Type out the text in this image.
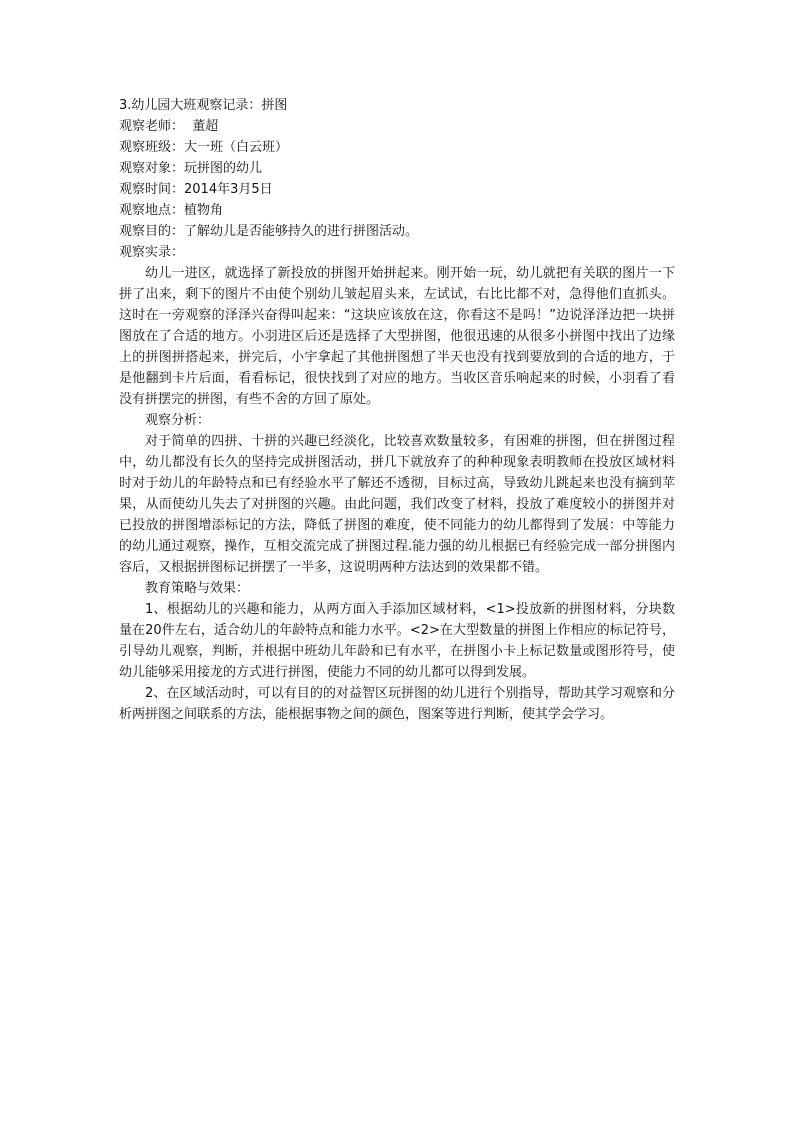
3.幼儿园大班观察记录：拼图
观察老师：  董超
观察班级：大一班（白云班）
观察对象：玩拼图的幼儿
观察时间：2014年3月5日
观察地点：植物角
观察目的：了解幼儿是否能够持久的进行拼图活动。
观察实录：

幼儿一进区，就选择了新投放的拼图开始拼起来。刚开始一玩，幼儿就把有关联的图片一下拼了出来，剩下的图片不由使个别幼儿皱起眉头来，左试试，右比比都不对，急得他们直抓头。这时在一旁观察的泽泽兴奋得叫起来：“这块应该放在这，你看这不是吗！”边说泽泽边把一块拼图放在了合适的地方。小羽进区后还是选择了大型拼图，他很迅速的从很多小拼图中找出了边缘上的拼图拼搭起来，拼完后，小宇拿起了其他拼图想了半天也没有找到要放到的合适的地方，于是他翻到卡片后面，看看标记，很快找到了对应的地方。当收区音乐响起来的时候，小羽看了看没有拼摆完的拼图，有些不舍的方回了原处。

观察分析：

对于简单的四拼、十拼的兴趣已经淡化，比较喜欢数量较多，有困难的拼图，但在拼图过程中，幼儿都没有长久的坚持完成拼图活动，拼几下就放弃了的种种现象表明教师在投放区域材料时对于幼儿的年龄特点和已有经验水平了解还不透彻，目标过高，导致幼儿跳起来也没有摘到苹果，从而使幼儿失去了对拼图的兴趣。由此问题，我们改变了材料，投放了难度较小的拼图并对已投放的拼图增添标记的方法，降低了拼图的难度，使不同能力的幼儿都得到了发展：中等能力的幼儿通过观察，操作，互相交流完成了拼图过程.能力强的幼儿根据已有经验完成一部分拼图内容后，又根据拼图标记拼摆了一半多，这说明两种方法达到的效果都不错。

教育策略与效果：

1、根据幼儿的兴趣和能力，从两方面入手添加区域材料，<1>投放新的拼图材料，分块数量在20件左右，适合幼儿的年龄特点和能力水平。<2>在大型数量的拼图上作相应的标记符号，引导幼儿观察，判断，并根据中班幼儿年龄和已有水平，在拼图小卡上标记数量或图形符号，使幼儿能够采用接龙的方式进行拼图，使能力不同的幼儿都可以得到发展。

2、在区域活动时，可以有目的的对益智区玩拼图的幼儿进行个别指导，帮助其学习观察和分析两拼图之间联系的方法，能根据事物之间的颜色，图案等进行判断，使其学会学习。
